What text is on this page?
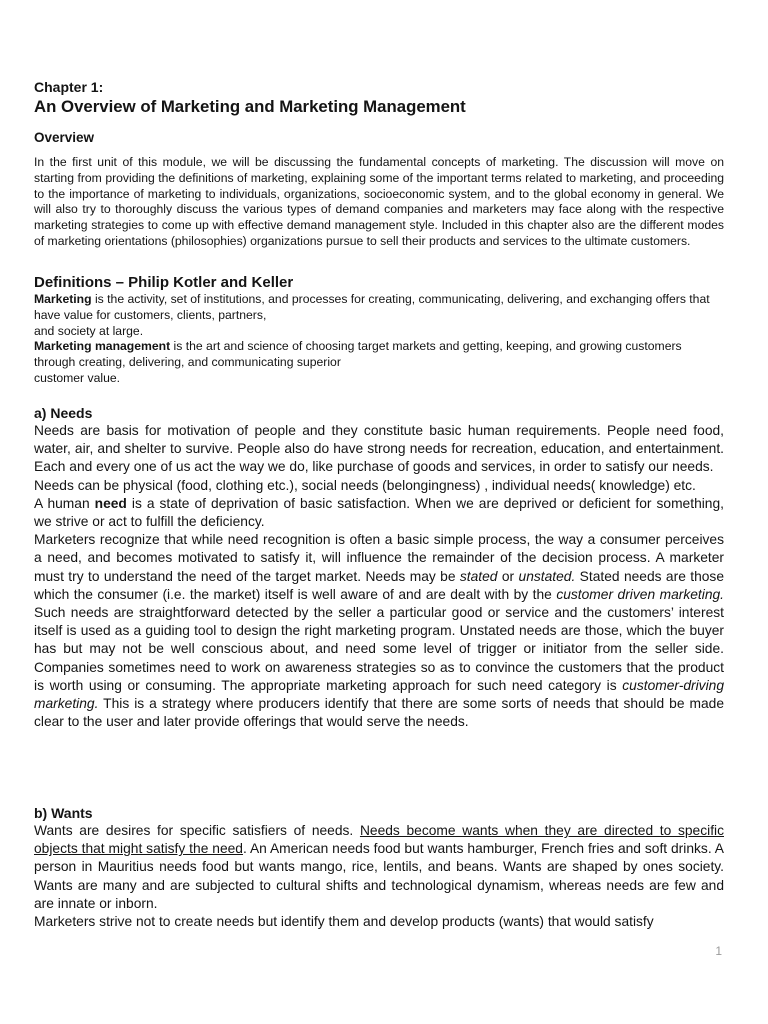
Chapter 1:
An Overview of Marketing and Marketing Management
Overview

In the first unit of this module, we will be discussing the fundamental concepts of marketing. The discussion will move on starting from providing the definitions of marketing, explaining some of the important terms related to marketing, and proceeding to the importance of marketing to individuals, organizations, socioeconomic system, and to the global economy in general. We will also try to thoroughly discuss the various types of demand companies and marketers may face along with the respective marketing strategies to come up with effective demand management style. Included in this chapter also are the different modes of marketing orientations (philosophies) organizations pursue to sell their products and services to the ultimate customers.

Definitions – Philip Kotler and Keller

Marketing is the activity, set of institutions, and processes for creating, communicating, delivering, and exchanging offers that have value for customers, clients, partners,

and society at large.

Marketing management is the art and science of choosing target markets and getting, keeping, and growing customers through creating, delivering, and communicating superior

customer value.

a) Needs

Needs are basis for motivation of people and they constitute basic human requirements. People need food, water, air, and shelter to survive. People also do have strong needs for recreation, education, and entertainment. Each and every one of us act the way we do, like purchase of goods and services, in order to satisfy our needs.

Needs can be physical (food, clothing etc.), social needs (belongingness) , individual needs( knowledge) etc.

A human need is a state of deprivation of basic satisfaction. When we are deprived or deficient for something, we strive or act to fulfill the deficiency.

Marketers recognize that while need recognition is often a basic simple process, the way a consumer perceives a need, and becomes motivated to satisfy it, will influence the remainder of the decision process. A marketer must try to understand the need of the target market. Needs may be stated or unstated. Stated needs are those which the consumer (i.e. the market) itself is well aware of and are dealt with by the customer driven marketing. Such needs are straightforward detected by the seller a particular good or service and the customers’ interest itself is used as a guiding tool to design the right marketing program. Unstated needs are those, which the buyer has but may not be well conscious about, and need some level of trigger or initiator from the seller side. Companies sometimes need to work on awareness strategies so as to convince the customers that the product is worth using or consuming. The appropriate marketing approach for such need category is customer-driving marketing. This is a strategy where producers identify that there are some sorts of needs that should be made clear to the user and later provide offerings that would serve the needs.

b) Wants

Wants are desires for specific satisfiers of needs. Needs become wants when they are directed to specific objects that might satisfy the need. An American needs food but wants hamburger, French fries and soft drinks. A person in Mauritius needs food but wants mango, rice, lentils, and beans. Wants are shaped by ones society. Wants are many and are subjected to cultural shifts and technological dynamism, whereas needs are few and are innate or inborn.

Marketers strive not to create needs but identify them and develop products (wants) that would satisfy

1
